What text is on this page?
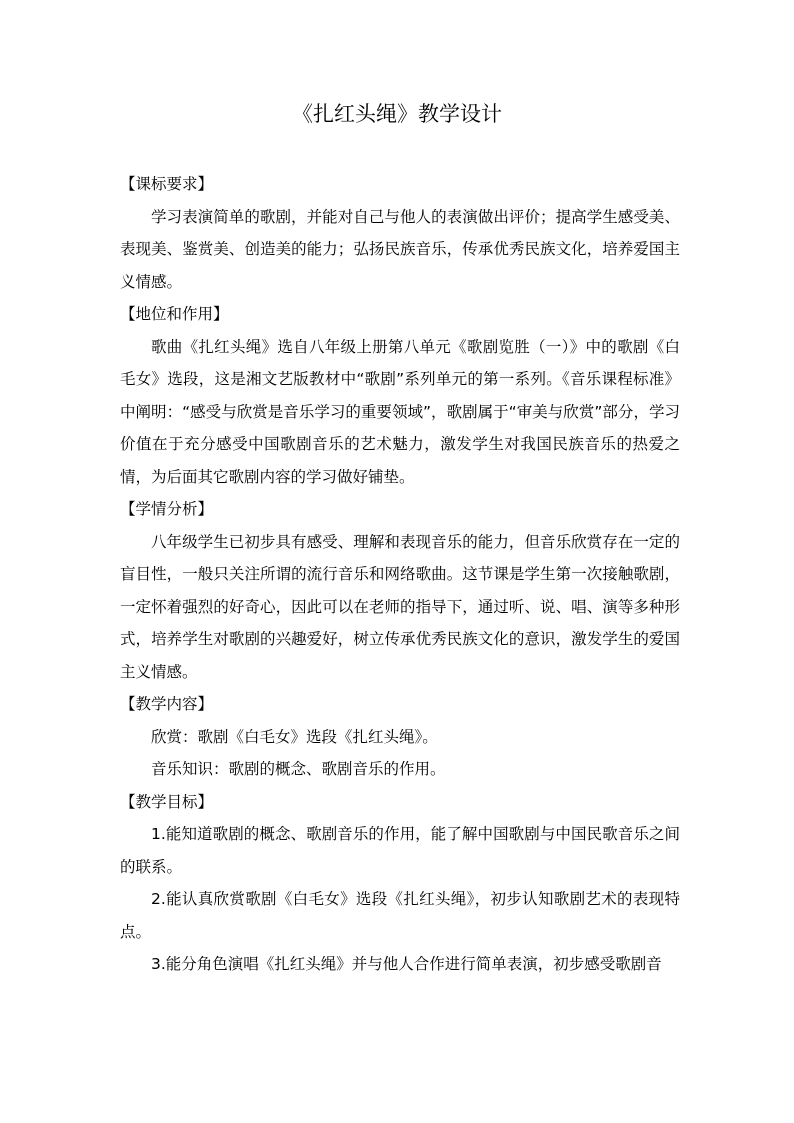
《扎红头绳》教学设计

【课标要求】

学习表演简单的歌剧，并能对自己与他人的表演做出评价；提高学生感受美、表现美、鉴赏美、创造美的能力；弘扬民族音乐，传承优秀民族文化，培养爱国主义情感。

【地位和作用】

歌曲《扎红头绳》选自八年级上册第八单元《歌剧览胜（一）》中的歌剧《白毛女》选段，这是湘文艺版教材中“歌剧”系列单元的第一系列。《音乐课程标准》中阐明：“感受与欣赏是音乐学习的重要领域”，歌剧属于“审美与欣赏”部分，学习价值在于充分感受中国歌剧音乐的艺术魅力，激发学生对我国民族音乐的热爱之情，为后面其它歌剧内容的学习做好铺垫。

【学情分析】

八年级学生已初步具有感受、理解和表现音乐的能力，但音乐欣赏存在一定的盲目性，一般只关注所谓的流行音乐和网络歌曲。这节课是学生第一次接触歌剧，一定怀着强烈的好奇心，因此可以在老师的指导下，通过听、说、唱、演等多种形式，培养学生对歌剧的兴趣爱好，树立传承优秀民族文化的意识，激发学生的爱国主义情感。

【教学内容】

欣赏：歌剧《白毛女》选段《扎红头绳》。

音乐知识：歌剧的概念、歌剧音乐的作用。

【教学目标】

1.能知道歌剧的概念、歌剧音乐的作用，能了解中国歌剧与中国民歌音乐之间的联系。

2.能认真欣赏歌剧《白毛女》选段《扎红头绳》，初步认知歌剧艺术的表现特点。

3.能分角色演唱《扎红头绳》并与他人合作进行简单表演，初步感受歌剧音
